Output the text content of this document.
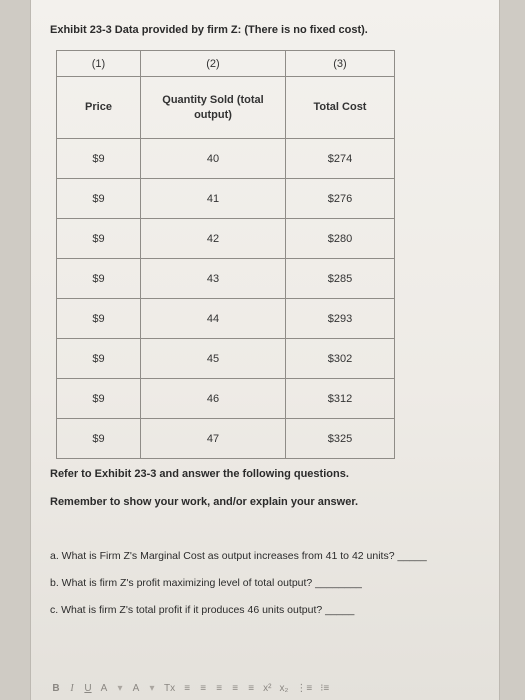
Exhibit 23-3 Data provided by firm Z: (There is no fixed cost).
(1)	(2)	(3)
Price	Quantity Sold (total output)	Total Cost
$9	40	$274
$9	41	$276
$9	42	$280
$9	43	$285
$9	44	$293
$9	45	$302
$9	46	$312
$9	47	$325
Refer to Exhibit 23-3 and answer the following questions.
Remember to show your work, and/or explain your answer.
a. What is Firm Z's Marginal Cost as output increases from 41 to 42 units? _____
b. What is firm Z's profit maximizing level of total output? ________
c. What is firm Z's total profit if it produces 46 units output? _____
B I U A ▾ A ▾ Tx ≡ ≡ ≡ ≡ ≡ x² x₂ ⋮≡ ⁝≡
